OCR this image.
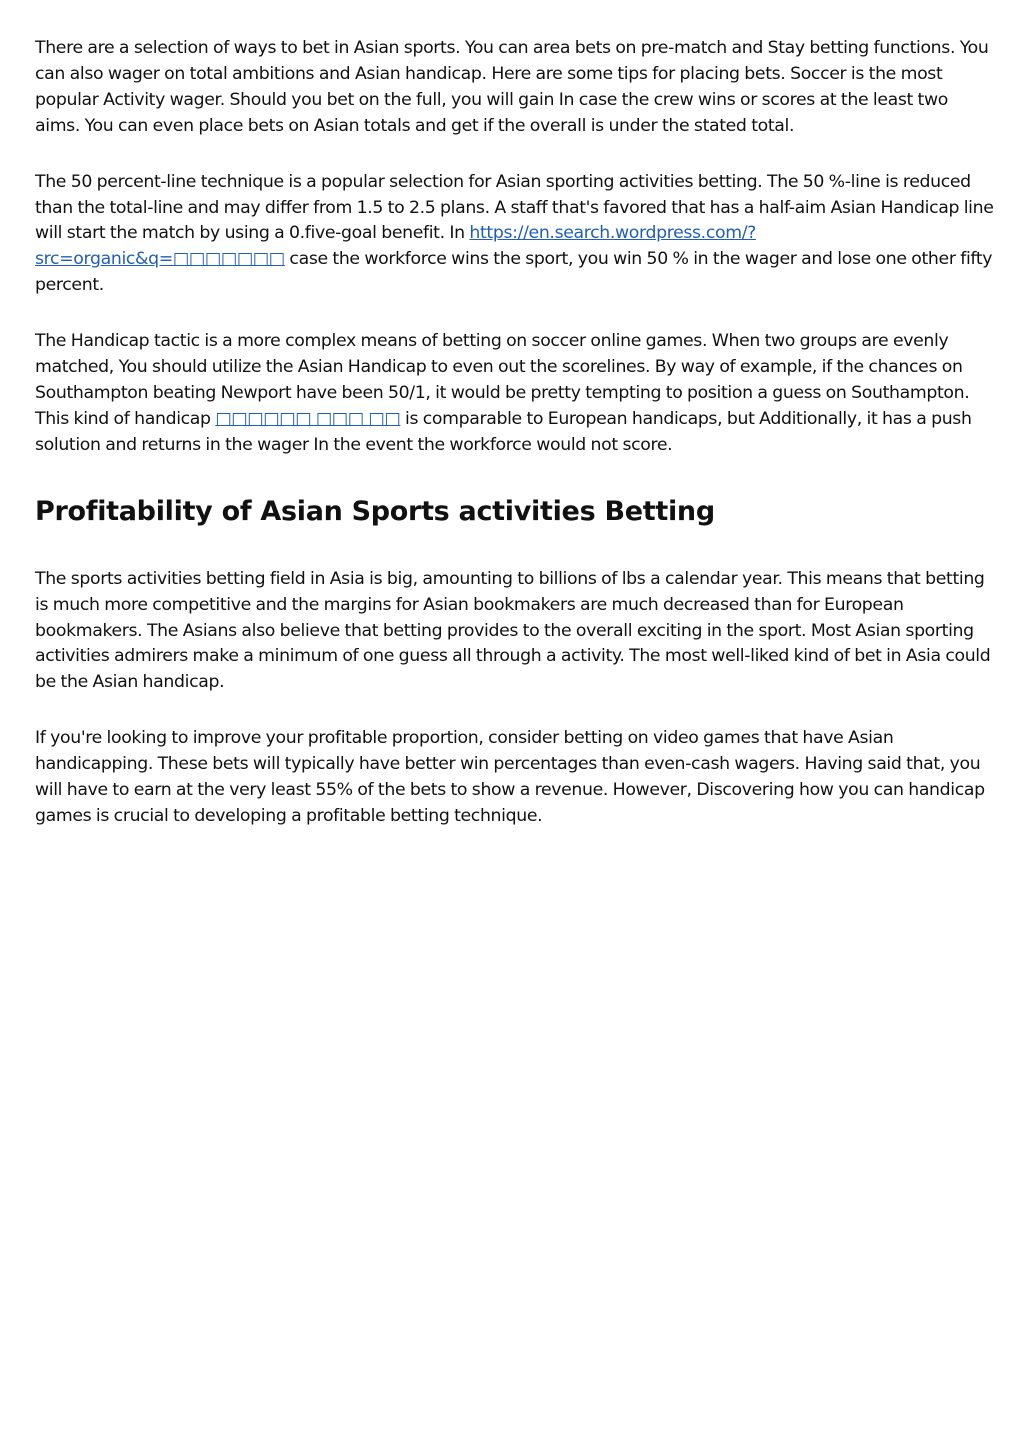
There are a selection of ways to bet in Asian sports. You can area bets on pre-match and Stay betting functions. You can also wager on total ambitions and Asian handicap. Here are some tips for placing bets. Soccer is the most popular Activity wager. Should you bet on the full, you will gain In case the crew wins or scores at the least two aims. You can even place bets on Asian totals and get if the overall is under the stated total.

The 50 percent-line technique is a popular selection for Asian sporting activities betting. The 50 %-line is reduced than the total-line and may differ from 1.5 to 2.5 plans. A staff that's favored that has a half-aim Asian Handicap line will start the match by using a 0.five-goal benefit. In https://en.search.wordpress.com/?src=organic&q=□□□□□□□ case the workforce wins the sport, you win 50 % in the wager and lose one other fifty percent.

The Handicap tactic is a more complex means of betting on soccer online games. When two groups are evenly matched, You should utilize the Asian Handicap to even out the scorelines. By way of example, if the chances on Southampton beating Newport have been 50/1, it would be pretty tempting to position a guess on Southampton. This kind of handicap □□□□□□ □□□ □□ is comparable to European handicaps, but Additionally, it has a push solution and returns in the wager In the event the workforce would not score.

Profitability of Asian Sports activities Betting

The sports activities betting field in Asia is big, amounting to billions of lbs a calendar year. This means that betting is much more competitive and the margins for Asian bookmakers are much decreased than for European bookmakers. The Asians also believe that betting provides to the overall exciting in the sport. Most Asian sporting activities admirers make a minimum of one guess all through a activity. The most well-liked kind of bet in Asia could be the Asian handicap.

If you're looking to improve your profitable proportion, consider betting on video games that have Asian handicapping. These bets will typically have better win percentages than even-cash wagers. Having said that, you will have to earn at the very least 55% of the bets to show a revenue. However, Discovering how you can handicap games is crucial to developing a profitable betting technique.
